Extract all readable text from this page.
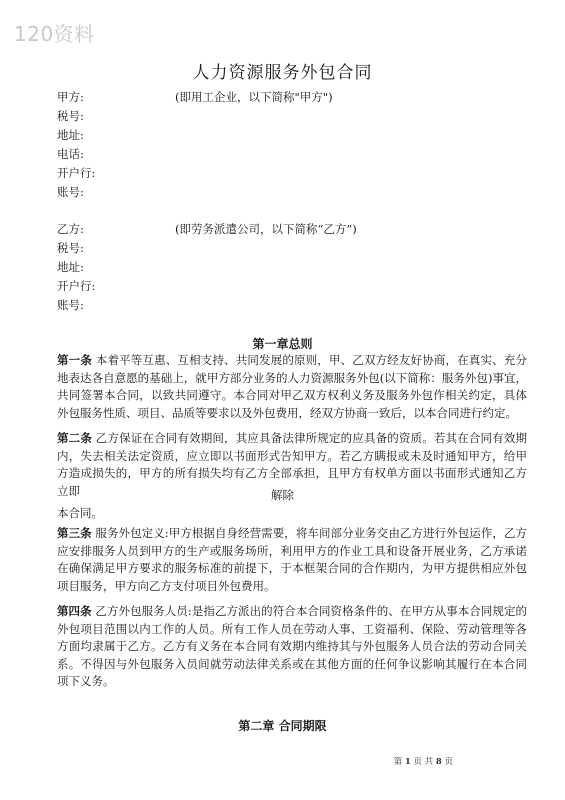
120资料
人力资源服务外包合同
甲方:	(即用工企业，以下简称"甲方")
税号:
地址:
电话:
开户行:
账号:
乙方:	(即劳务派遣公司，以下简称“乙方”)
税号:
地址:
开户行:
账号:
第一章总则
第一条 本着平等互惠、互相支持、共同发展的原则，甲、乙双方经友好协商，在真实、充分地表达各自意愿的基础上，就甲方部分业务的人力资源服务外包(以下简称：服务外包)事宜，共同签署本合同，以致共同遵守。本合同对甲乙双方权利义务及服务外包作相关约定，具体外包服务性质、项目、品质等要求以及外包费用，经双方协商一致后，以本合同进行约定。
第二条 乙方保证在合同有效期间，其应具备法律所规定的应具备的资质。若其在合同有效期内，失去相关法定资质，应立即以书面形式告知甲方。若乙方瞒报或未及时通知甲方，给甲方造成损失的，甲方的所有损失均有乙方全部承担，且甲方有权单方面以书面形式通知乙方立即	解除
本合同。
第三条 服务外包定义:甲方根据自身经营需要，将车间部分业务交由乙方进行外包运作，乙方应安排服务人员到甲方的生产或服务场所，利用甲方的作业工具和设备开展业务，乙方承诺在确保满足甲方要求的服务标准的前提下，于本框架合同的合作期内，为甲方提供相应外包项目服务，甲方向乙方支付项目外包费用。
第四条 乙方外包服务人员:是指乙方派出的符合本合同资格条件的、在甲方从事本合同规定的外包项目范围以内工作的人员。所有工作人员在劳动人事、工资福利、保险、劳动管理等各方面均隶属于乙方。乙方有义务在本合同有效期内维持其与外包服务人员合法的劳动合同关系。不得因与外包服务入员间就劳动法律关系或在其他方面的任何争议影响其履行在本合同项下义务。
第二章 合同期限
第 1 页 共 8 页
